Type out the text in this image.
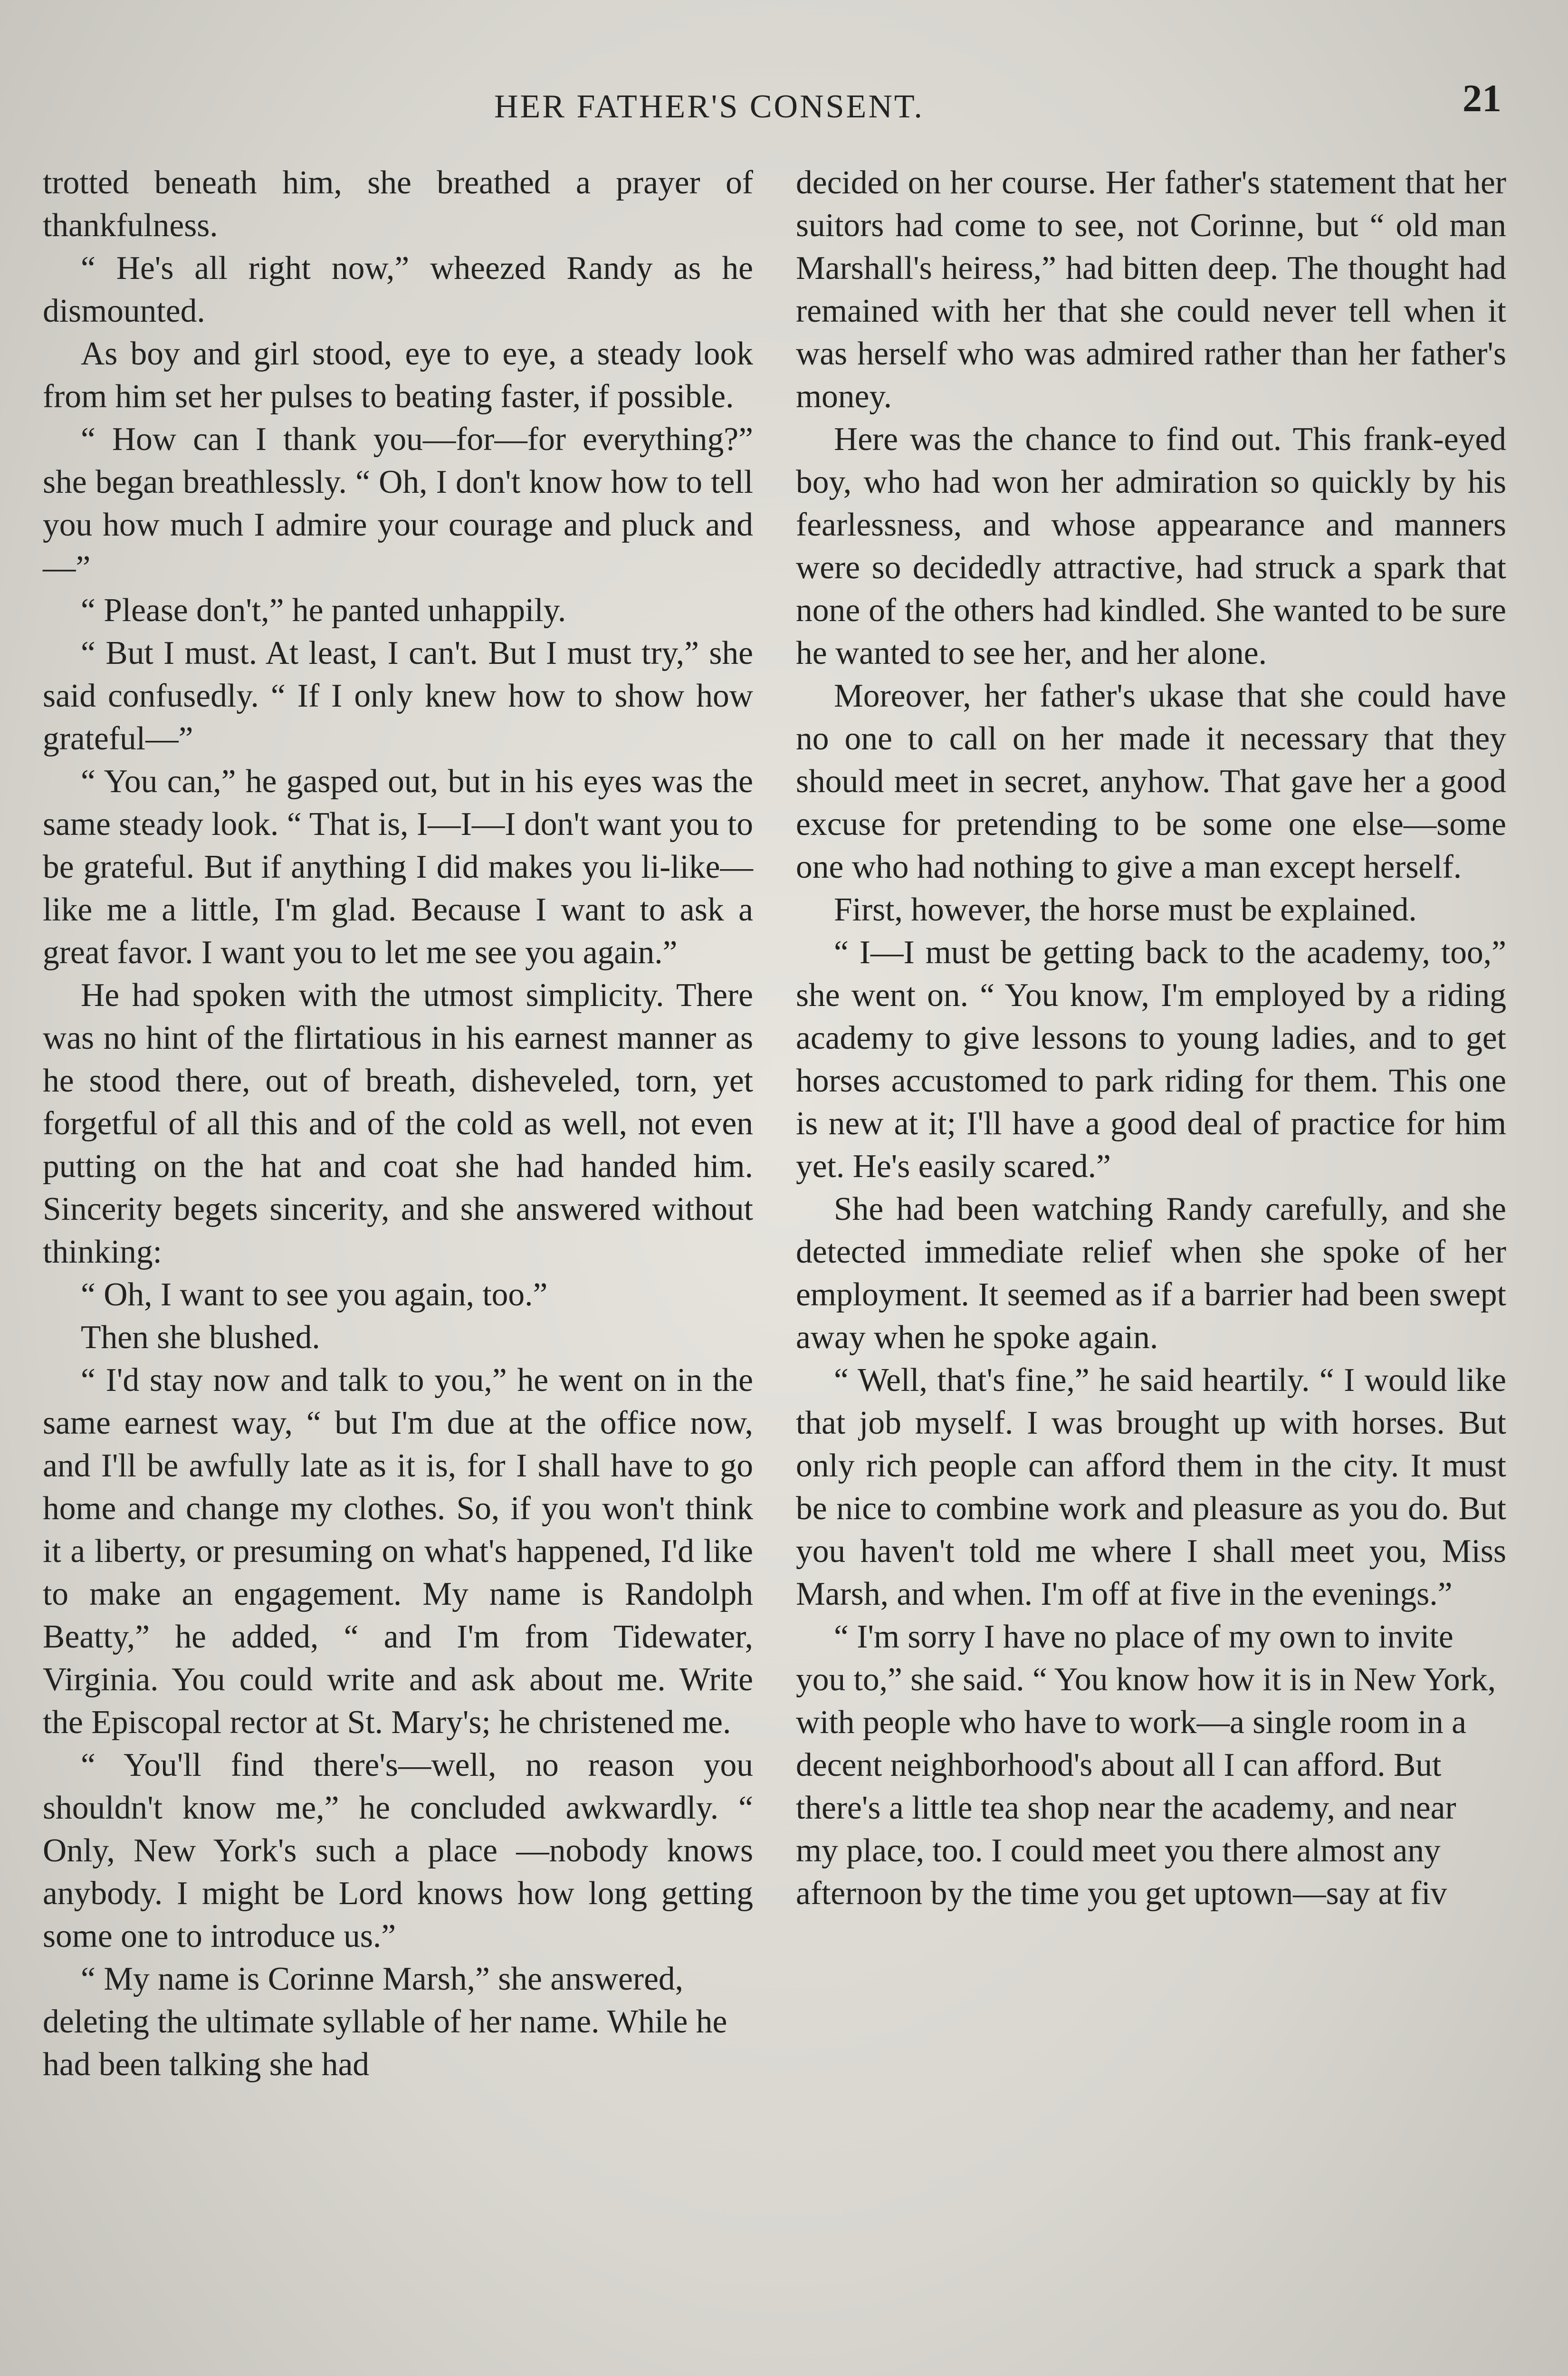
HER FATHER'S CONSENT.	21

trotted beneath him, she breathed a prayer of thankfulness.

“ He's all right now,” wheezed Randy as he dismounted.

As boy and girl stood, eye to eye, a steady look from him set her pulses to beating faster, if possible.

“ How can I thank you—for—for everything?” she began breathlessly. “ Oh, I don't know how to tell you how much I admire your courage and pluck and—”

“ Please don't,” he panted unhappily.

“ But I must. At least, I can't. But I must try,” she said confusedly. “ If I only knew how to show how grateful—”

“ You can,” he gasped out, but in his eyes was the same steady look. “ That is, I—I—I don't want you to be grateful. But if anything I did makes you li-like—like me a little, I'm glad. Because I want to ask a great favor. I want you to let me see you again.”

He had spoken with the utmost simplicity. There was no hint of the flirtatious in his earnest manner as he stood there, out of breath, disheveled, torn, yet forgetful of all this and of the cold as well, not even putting on the hat and coat she had handed him. Sincerity begets sincerity, and she answered without thinking:

“ Oh, I want to see you again, too.”

Then she blushed.

“ I'd stay now and talk to you,” he went on in the same earnest way, “ but I'm due at the office now, and I'll be awfully late as it is, for I shall have to go home and change my clothes. So, if you won't think it a liberty, or presuming on what's happened, I'd like to make an engagement. My name is Randolph Beatty,” he added, “ and I'm from Tidewater, Virginia. You could write and ask about me. Write the Episcopal rector at St. Mary's; he christened me.

“ You'll find there's—well, no reason you shouldn't know me,” he concluded awkwardly. “ Only, New York's such a place —nobody knows anybody. I might be Lord knows how long getting some one to introduce us.”

“ My name is Corinne Marsh,” she answered, deleting the ultimate syllable of her name. While he had been talking she had

decided on her course. Her father's statement that her suitors had come to see, not Corinne, but “ old man Marshall's heiress,” had bitten deep. The thought had remained with her that she could never tell when it was herself who was admired rather than her father's money.

Here was the chance to find out. This frank-eyed boy, who had won her admiration so quickly by his fearlessness, and whose appearance and manners were so decidedly attractive, had struck a spark that none of the others had kindled. She wanted to be sure he wanted to see her, and her alone.

Moreover, her father's ukase that she could have no one to call on her made it necessary that they should meet in secret, anyhow. That gave her a good excuse for pretending to be some one else—some one who had nothing to give a man except herself.

First, however, the horse must be explained.

“ I—I must be getting back to the academy, too,” she went on. “ You know, I'm employed by a riding academy to give lessons to young ladies, and to get horses accustomed to park riding for them. This one is new at it; I'll have a good deal of practice for him yet. He's easily scared.”

She had been watching Randy carefully, and she detected immediate relief when she spoke of her employment. It seemed as if a barrier had been swept away when he spoke again.

“ Well, that's fine,” he said heartily. “ I would like that job myself. I was brought up with horses. But only rich people can afford them in the city. It must be nice to combine work and pleasure as you do. But you haven't told me where I shall meet you, Miss Marsh, and when. I'm off at five in the evenings.”

“ I'm sorry I have no place of my own to invite you to,” she said. “ You know how it is in New York, with people who have to work—a single room in a decent neighborhood's about all I can afford. But there's a little tea shop near the academy, and near my place, too. I could meet you there almost any afternoon by the time you get uptown—say at fiv
